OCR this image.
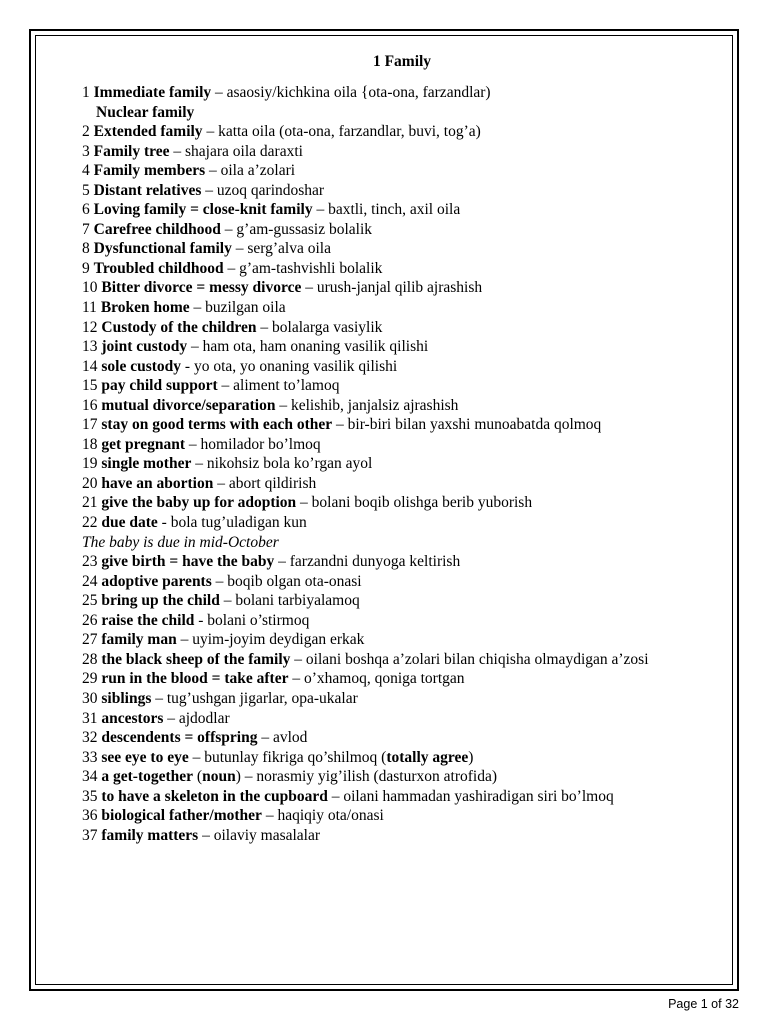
1 Family
1 Immediate family – asaosiy/kichkina oila {ota-ona, farzandlar)
Nuclear family
2 Extended family – katta oila (ota-ona, farzandlar, buvi, tog’a)
3 Family tree – shajara oila daraxti
4 Family members – oila a’zolari
5 Distant relatives – uzoq qarindoshar
6 Loving family = close-knit family – baxtli, tinch, axil oila
7 Carefree childhood – g’am-gussasiz bolalik
8 Dysfunctional family – serg’alva oila
9 Troubled childhood – g’am-tashvishli bolalik
10 Bitter divorce = messy divorce – urush-janjal qilib ajrashish
11 Broken home – buzilgan oila
12 Custody of the children – bolalarga vasiylik
13 joint custody – ham ota, ham onaning vasilik qilishi
14 sole custody - yo ota, yo onaning vasilik qilishi
15 pay child support – aliment to’lamoq
16 mutual divorce/separation – kelishib, janjalsiz ajrashish
17 stay on good terms with each other – bir-biri bilan yaxshi munoabatda qolmoq
18 get pregnant – homilador bo’lmoq
19 single mother – nikohsiz bola ko’rgan ayol
20 have an abortion – abort qildirish
21 give the baby up for adoption – bolani boqib olishga berib yuborish
22 due date - bola tug’uladigan kun
The baby is due in mid-October
23 give birth = have the baby – farzandni dunyoga keltirish
24 adoptive parents – boqib olgan ota-onasi
25 bring up the child – bolani tarbiyalamoq
26 raise the child - bolani o’stirmoq
27 family man – uyim-joyim deydigan erkak
28 the black sheep of the family – oilani boshqa a’zolari bilan chiqisha olmaydigan a’zosi
29 run in the blood = take after – o’xhamoq, qoniga tortgan
30 siblings – tug’ushgan jigarlar, opa-ukalar
31 ancestors – ajdodlar
32 descendents = offspring – avlod
33 see eye to eye – butunlay fikriga qo’shilmoq (totally agree)
34 a get-together (noun) – norasmiy yig’ilish (dasturxon atrofida)
35 to have a skeleton in the cupboard – oilani hammadan yashiradigan siri bo’lmoq
36 biological father/mother – haqiqiy ota/onasi
37 family matters – oilaviy masalalar
Page 1 of 32
